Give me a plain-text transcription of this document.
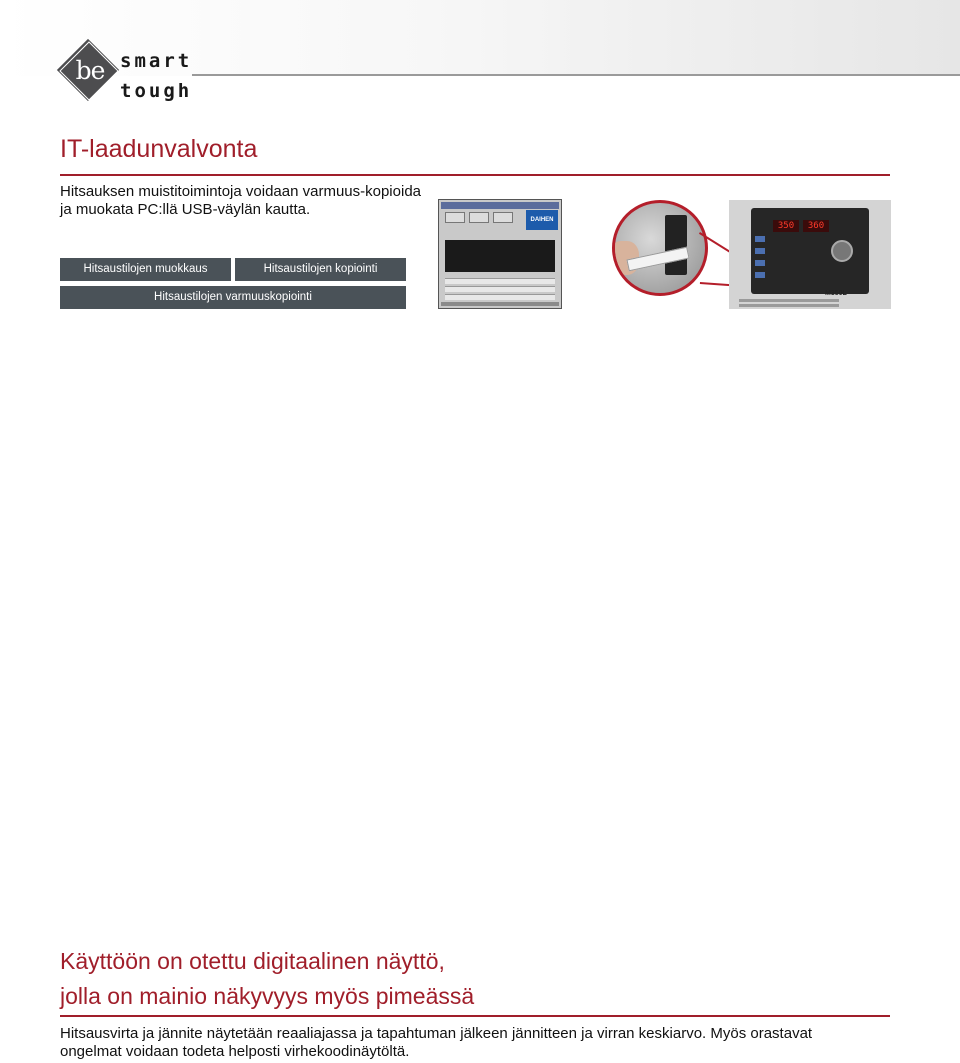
be smart
tough
IT-laadunvalvonta
Hitsauksen muistitoimintoja voidaan varmuus-kopioida ja muokata PC:llä USB-väylän kautta.
Hitsaustilojen muokkaus	Hitsaustilojen kopiointi
Hitsaustilojen varmuuskopiointi
DAIHEN
350	360
M350L
Käyttöön on otettu digitaalinen näyttö,
jolla on mainio näkyvyys myös pimeässä
Hitsausvirta ja jännite näytetään reaaliajassa ja tapahtuman jälkeen jännitteen ja virran keskiarvo. Myös orastavat
ongelmat voidaan todeta helposti virhekoodinäytöltä.
